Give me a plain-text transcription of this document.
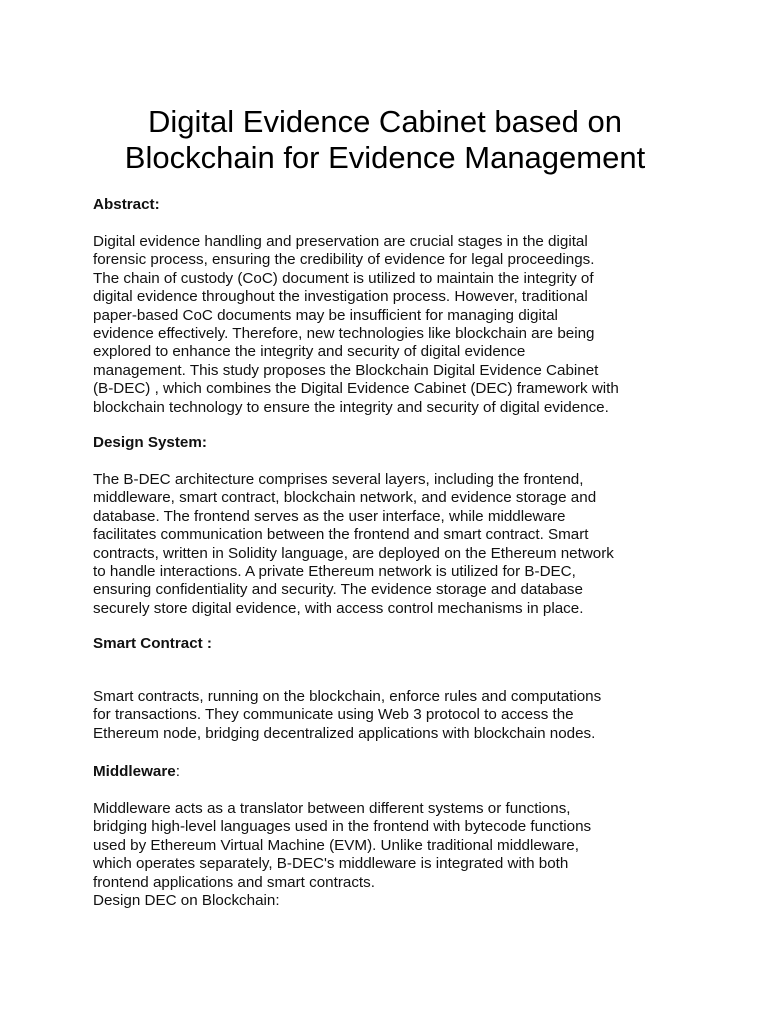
Digital Evidence Cabinet based on
Blockchain for Evidence Management
Abstract:
Digital evidence handling and preservation are crucial stages in the digital
forensic process, ensuring the credibility of evidence for legal proceedings.
The chain of custody (CoC) document is utilized to maintain the integrity of
digital evidence throughout the investigation process. However, traditional
paper-based CoC documents may be insufficient for managing digital
evidence effectively. Therefore, new technologies like blockchain are being
explored to enhance the integrity and security of digital evidence
management. This study proposes the Blockchain Digital Evidence Cabinet
(B-DEC) , which combines the Digital Evidence Cabinet (DEC) framework with
blockchain technology to ensure the integrity and security of digital evidence.
Design System:
The B-DEC architecture comprises several layers, including the frontend,
middleware, smart contract, blockchain network, and evidence storage and
database. The frontend serves as the user interface, while middleware
facilitates communication between the frontend and smart contract. Smart
contracts, written in Solidity language, are deployed on the Ethereum network
to handle interactions. A private Ethereum network is utilized for B-DEC,
ensuring confidentiality and security. The evidence storage and database
securely store digital evidence, with access control mechanisms in place.
Smart Contract :
Smart contracts, running on the blockchain, enforce rules and computations
for transactions. They communicate using Web 3 protocol to access the
Ethereum node, bridging decentralized applications with blockchain nodes.
Middleware:
Middleware acts as a translator between different systems or functions,
bridging high-level languages used in the frontend with bytecode functions
used by Ethereum Virtual Machine (EVM). Unlike traditional middleware,
which operates separately, B-DEC's middleware is integrated with both
frontend applications and smart contracts.
Design DEC on Blockchain:
